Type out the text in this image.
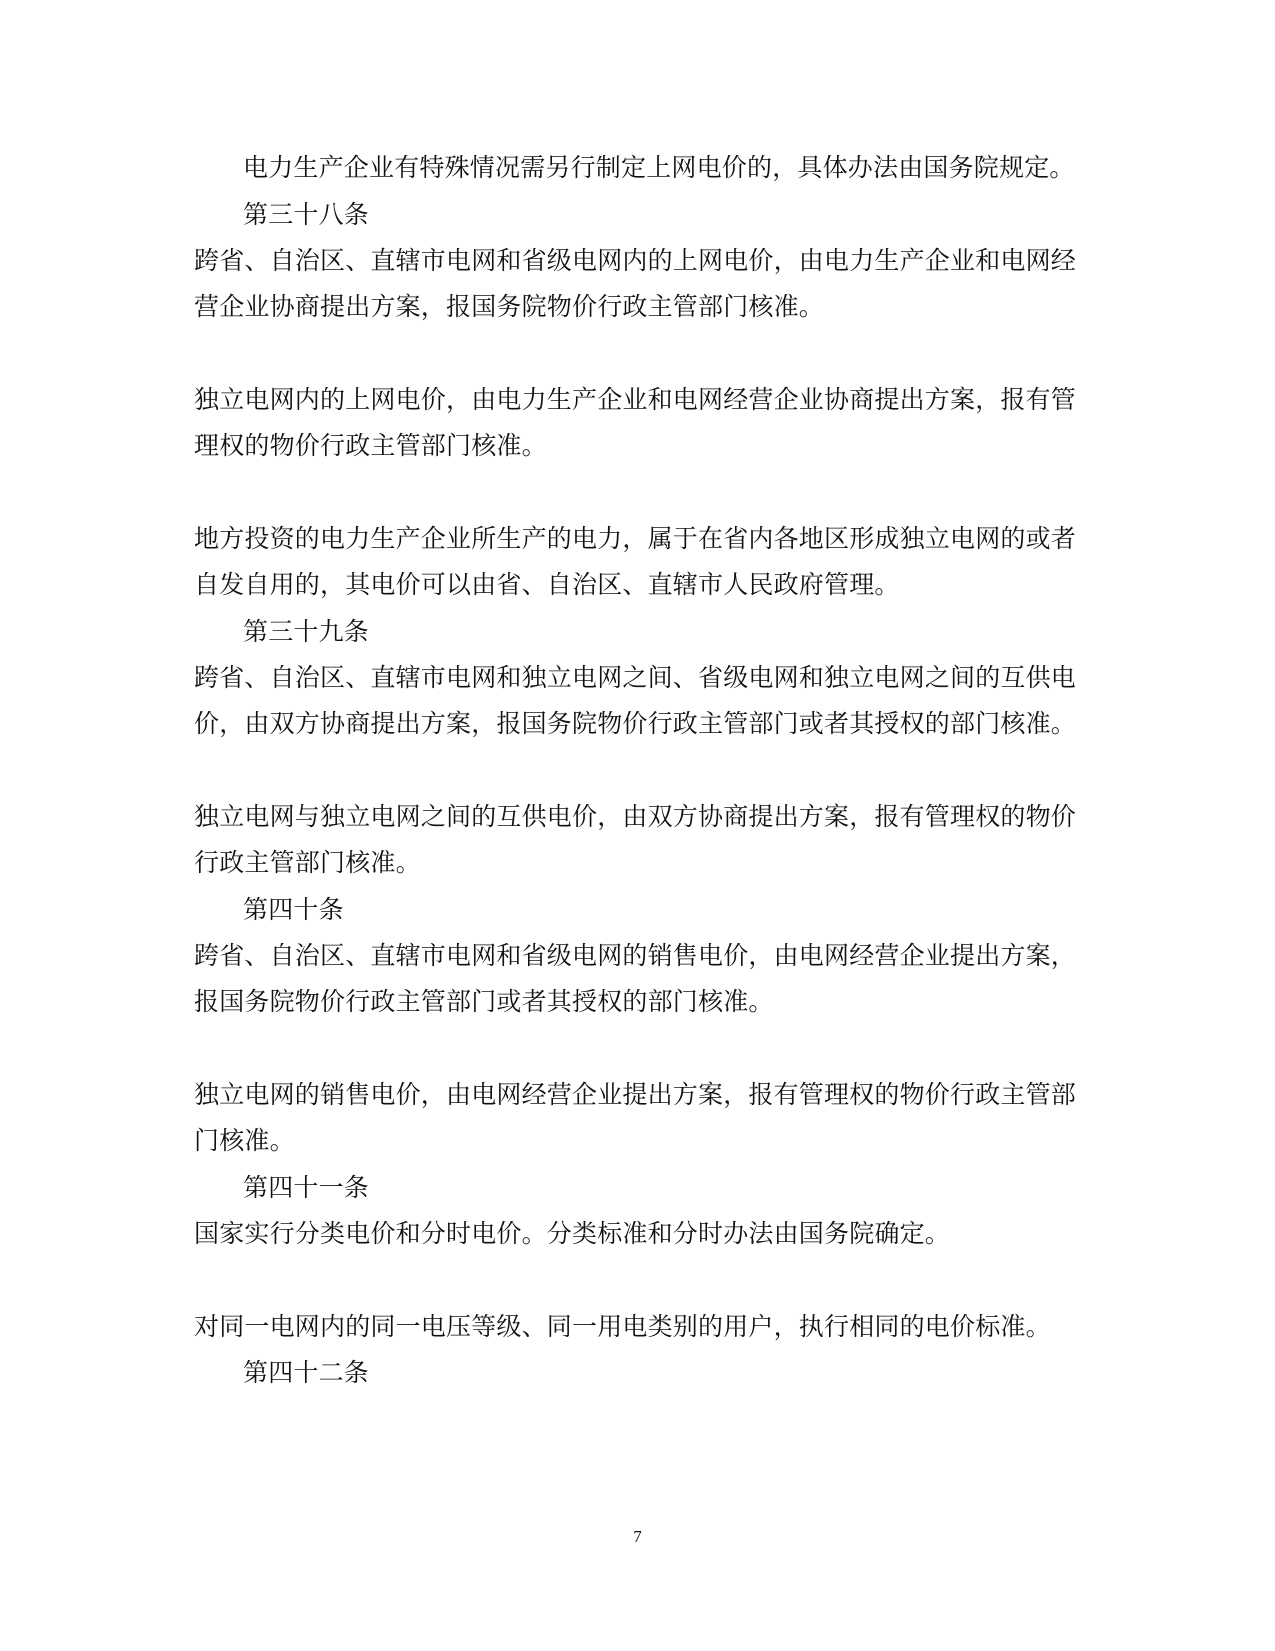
电力生产企业有特殊情况需另行制定上网电价的，具体办法由国务院规定。
第三十八条
跨省、自治区、直辖市电网和省级电网内的上网电价，由电力生产企业和电网经
营企业协商提出方案，报国务院物价行政主管部门核准。
独立电网内的上网电价，由电力生产企业和电网经营企业协商提出方案，报有管
理权的物价行政主管部门核准。
地方投资的电力生产企业所生产的电力，属于在省内各地区形成独立电网的或者
自发自用的，其电价可以由省、自治区、直辖市人民政府管理。
第三十九条
跨省、自治区、直辖市电网和独立电网之间、省级电网和独立电网之间的互供电
价，由双方协商提出方案，报国务院物价行政主管部门或者其授权的部门核准。
独立电网与独立电网之间的互供电价，由双方协商提出方案，报有管理权的物价
行政主管部门核准。
第四十条
跨省、自治区、直辖市电网和省级电网的销售电价，由电网经营企业提出方案，
报国务院物价行政主管部门或者其授权的部门核准。
独立电网的销售电价，由电网经营企业提出方案，报有管理权的物价行政主管部
门核准。
第四十一条
国家实行分类电价和分时电价。分类标准和分时办法由国务院确定。
对同一电网内的同一电压等级、同一用电类别的用户，执行相同的电价标准。
第四十二条
7
